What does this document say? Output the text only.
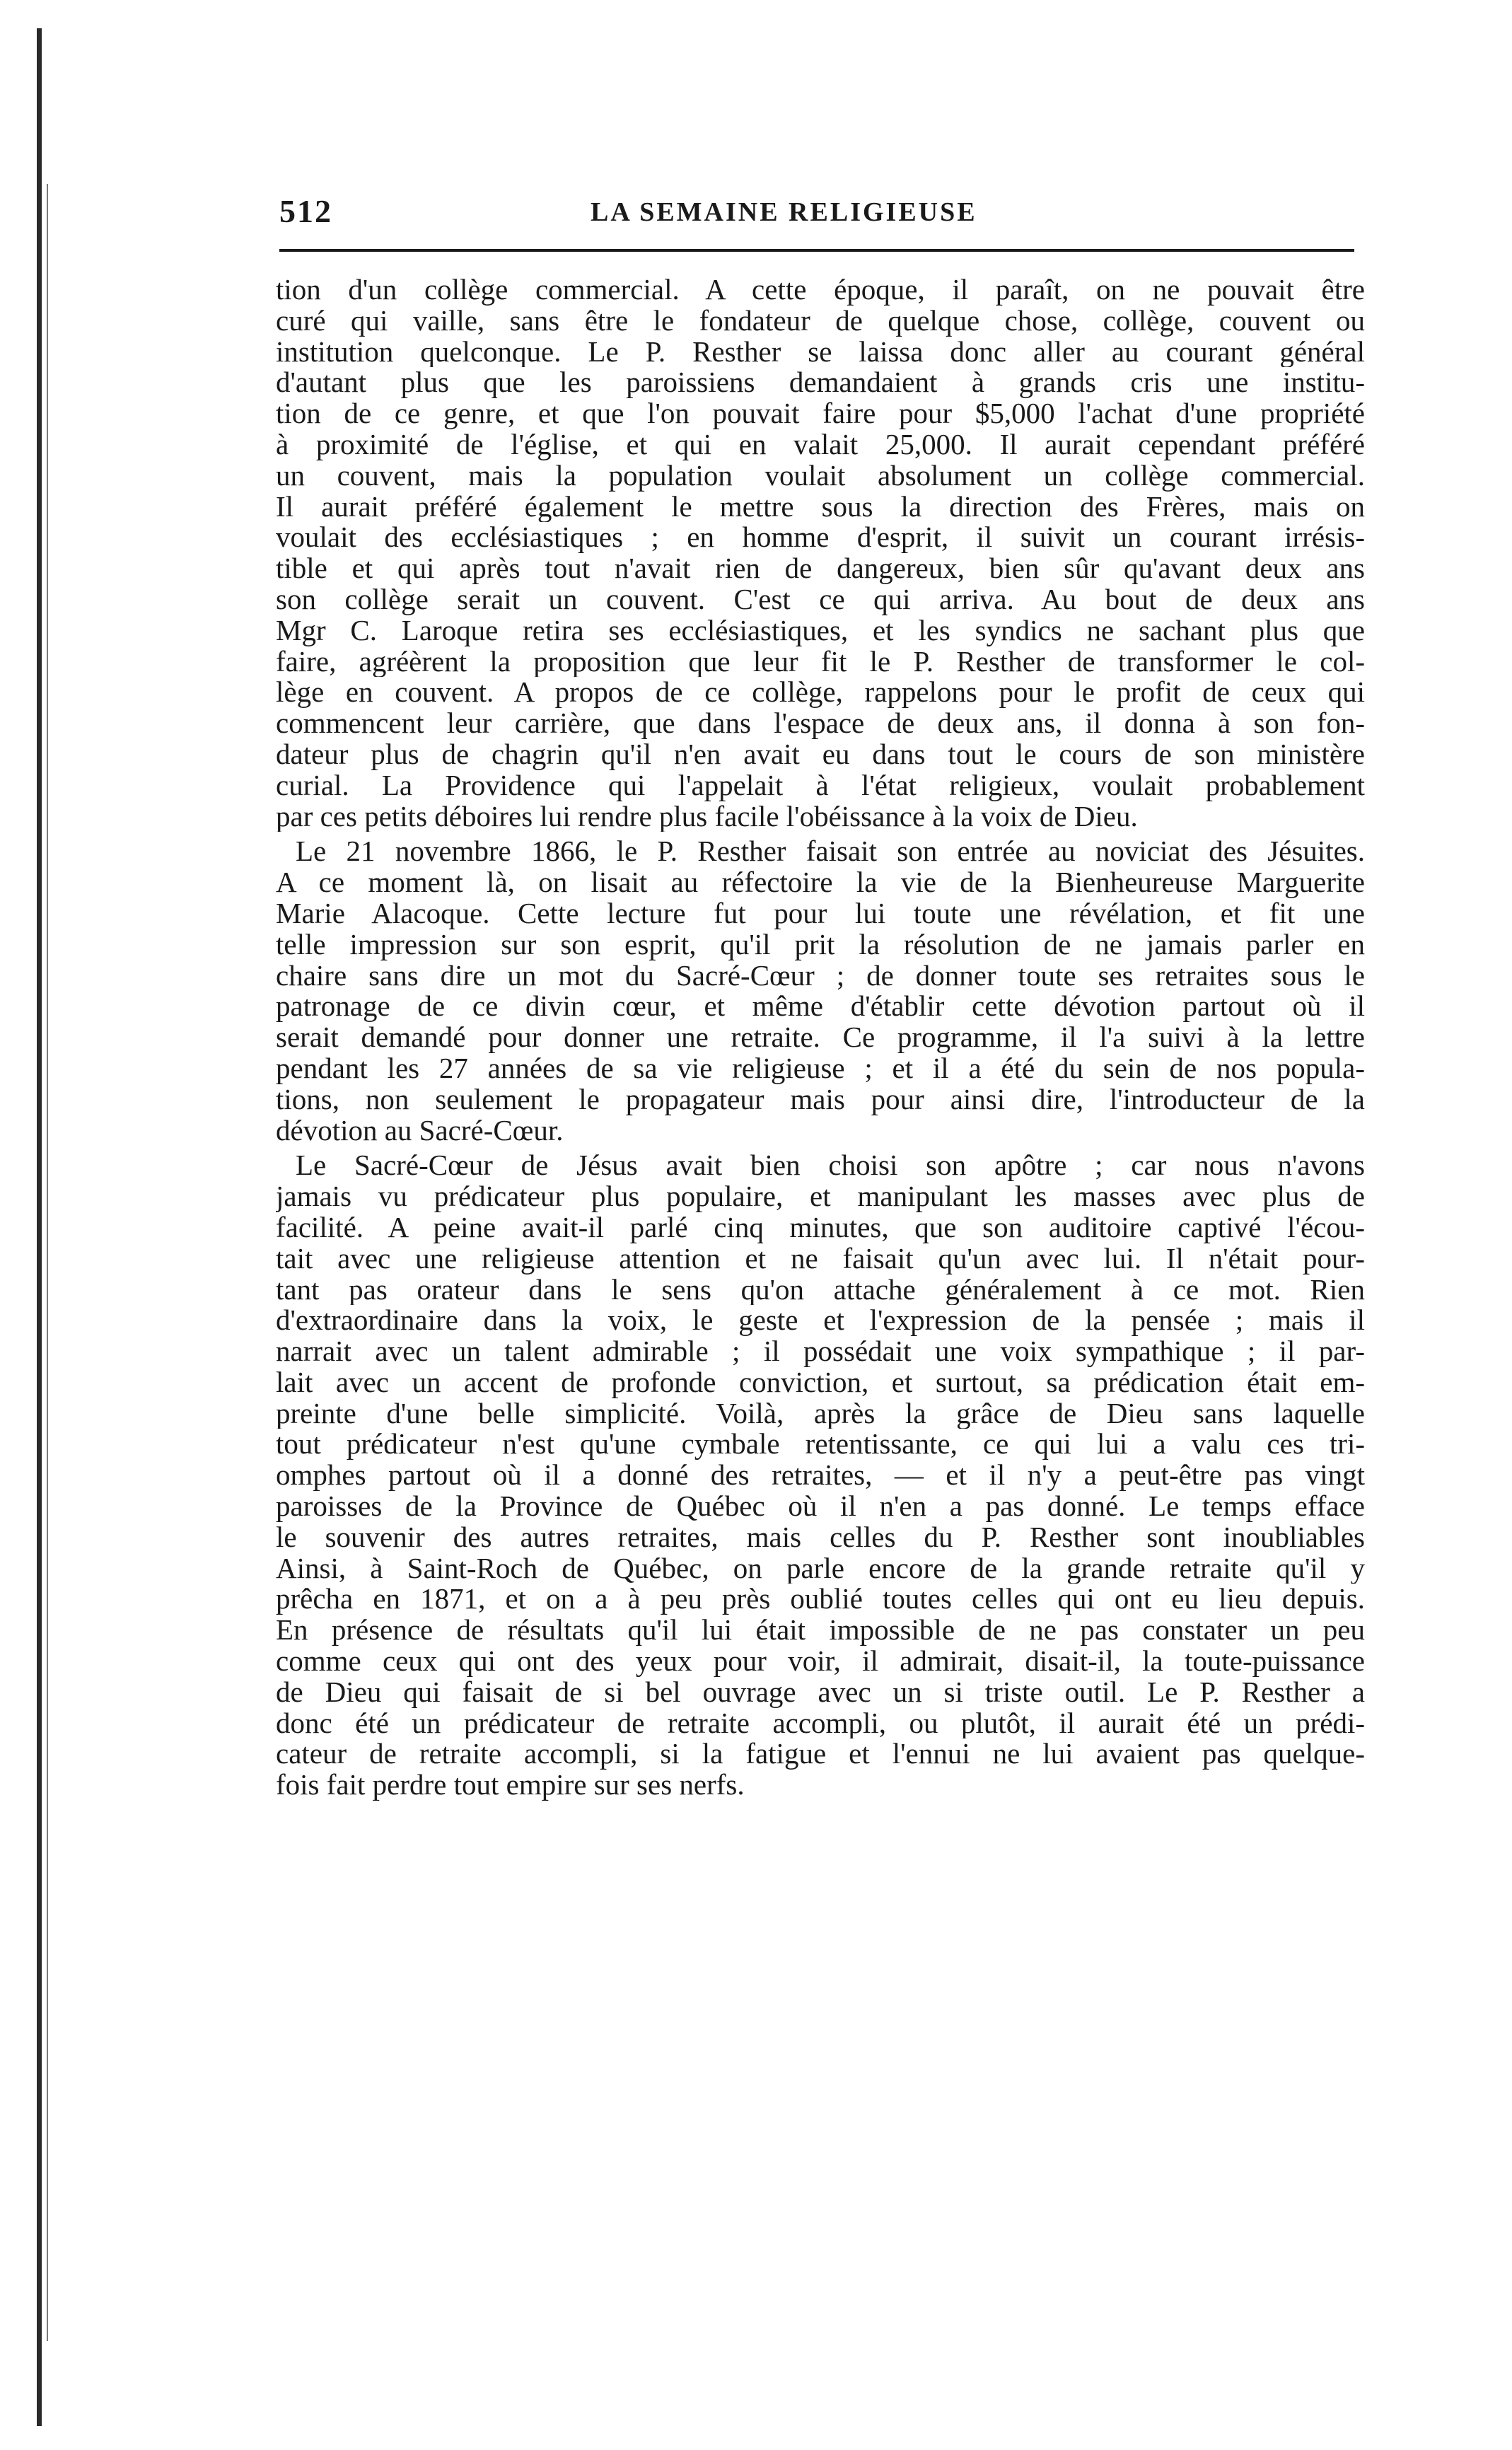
512	LA SEMAINE RELIGIEUSE
tion d'un collège commercial. A cette époque, il paraît, on ne pouvait être
curé qui vaille, sans être le fondateur de quelque chose, collège, couvent ou
institution quelconque. Le P. Resther se laissa donc aller au courant général
d'autant plus que les paroissiens demandaient à grands cris une institu-
tion de ce genre, et que l'on pouvait faire pour $5,000 l'achat d'une propriété
à proximité de l'église, et qui en valait 25,000. Il aurait cependant préféré
un couvent, mais la population voulait absolument un collège commercial.
Il aurait préféré également le mettre sous la direction des Frères, mais on
voulait des ecclésiastiques ; en homme d'esprit, il suivit un courant irrésis-
tible et qui après tout n'avait rien de dangereux, bien sûr qu'avant deux ans
son collège serait un couvent. C'est ce qui arriva. Au bout de deux ans
Mgr C. Laroque retira ses ecclésiastiques, et les syndics ne sachant plus que
faire, agréèrent la proposition que leur fit le P. Resther de transformer le col-
lège en couvent. A propos de ce collège, rappelons pour le profit de ceux qui
commencent leur carrière, que dans l'espace de deux ans, il donna à son fon-
dateur plus de chagrin qu'il n'en avait eu dans tout le cours de son ministère
curial. La Providence qui l'appelait à l'état religieux, voulait probablement
par ces petits déboires lui rendre plus facile l'obéissance à la voix de Dieu.
Le 21 novembre 1866, le P. Resther faisait son entrée au noviciat des Jésuites.
A ce moment là, on lisait au réfectoire la vie de la Bienheureuse Marguerite
Marie Alacoque. Cette lecture fut pour lui toute une révélation, et fit une
telle impression sur son esprit, qu'il prit la résolution de ne jamais parler en
chaire sans dire un mot du Sacré-Cœur ; de donner toute ses retraites sous le
patronage de ce divin cœur, et même d'établir cette dévotion partout où il
serait demandé pour donner une retraite. Ce programme, il l'a suivi à la lettre
pendant les 27 années de sa vie religieuse ; et il a été du sein de nos popula-
tions, non seulement le propagateur mais pour ainsi dire, l'introducteur de la
dévotion au Sacré-Cœur.
Le Sacré-Cœur de Jésus avait bien choisi son apôtre ; car nous n'avons
jamais vu prédicateur plus populaire, et manipulant les masses avec plus de
facilité. A peine avait-il parlé cinq minutes, que son auditoire captivé l'écou-
tait avec une religieuse attention et ne faisait qu'un avec lui. Il n'était pour-
tant pas orateur dans le sens qu'on attache généralement à ce mot. Rien
d'extraordinaire dans la voix, le geste et l'expression de la pensée ; mais il
narrait avec un talent admirable ; il possédait une voix sympathique ; il par-
lait avec un accent de profonde conviction, et surtout, sa prédication était em-
preinte d'une belle simplicité. Voilà, après la grâce de Dieu sans laquelle
tout prédicateur n'est qu'une cymbale retentissante, ce qui lui a valu ces tri-
omphes partout où il a donné des retraites, — et il n'y a peut-être pas vingt
paroisses de la Province de Québec où il n'en a pas donné. Le temps efface
le souvenir des autres retraites, mais celles du P. Resther sont inoubliables
Ainsi, à Saint-Roch de Québec, on parle encore de la grande retraite qu'il y
prêcha en 1871, et on a à peu près oublié toutes celles qui ont eu lieu depuis.
En présence de résultats qu'il lui était impossible de ne pas constater un peu
comme ceux qui ont des yeux pour voir, il admirait, disait-il, la toute-puissance
de Dieu qui faisait de si bel ouvrage avec un si triste outil. Le P. Resther a
donc été un prédicateur de retraite accompli, ou plutôt, il aurait été un prédi-
cateur de retraite accompli, si la fatigue et l'ennui ne lui avaient pas quelque-
fois fait perdre tout empire sur ses nerfs.
